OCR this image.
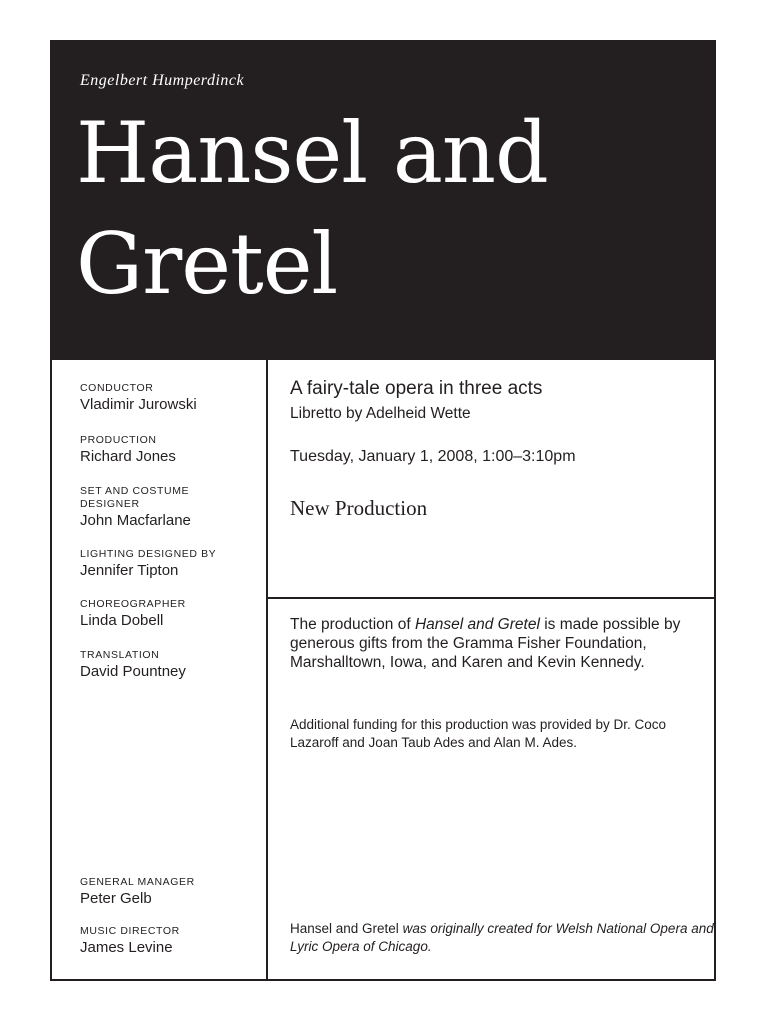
Engelbert Humperdinck
Hansel and
Gretel
CONDUCTOR
Vladimir Jurowski
PRODUCTION
Richard Jones
SET AND COSTUME DESIGNER
John Macfarlane
LIGHTING DESIGNED BY
Jennifer Tipton
CHOREOGRAPHER
Linda Dobell
TRANSLATION
David Pountney
GENERAL MANAGER
Peter Gelb
MUSIC DIRECTOR
James Levine
A fairy-tale opera in three acts
Libretto by Adelheid Wette
Tuesday, January 1, 2008, 1:00–3:10pm
New Production
The production of Hansel and Gretel is made possible by generous gifts from the Gramma Fisher Foundation, Marshalltown, Iowa, and Karen and Kevin Kennedy.
Additional funding for this production was provided by Dr. Coco Lazaroff and Joan Taub Ades and Alan M. Ades.
Hansel and Gretel was originally created for Welsh National Opera and Lyric Opera of Chicago.
